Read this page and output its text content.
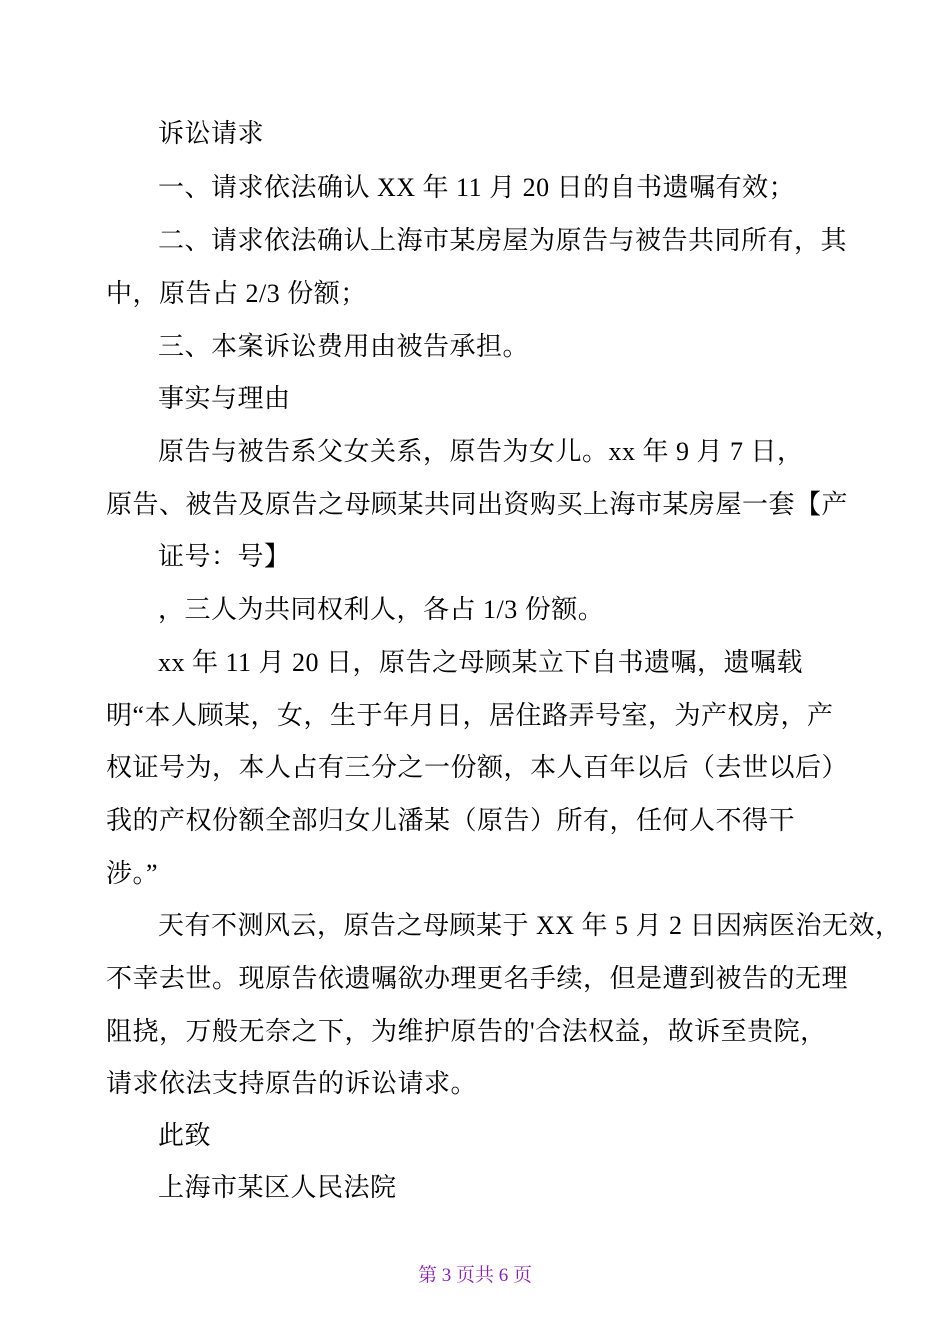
诉讼请求
一、请求依法确认 XX 年 11 月 20 日的自书遗嘱有效；
二、请求依法确认上海市某房屋为原告与被告共同所有，其
中，原告占 2/3 份额；
三、本案诉讼费用由被告承担。
事实与理由
原告与被告系父女关系，原告为女儿。xx 年 9 月 7 日，
原告、被告及原告之母顾某共同出资购买上海市某房屋一套【产
证号：号】
，三人为共同权利人，各占 1/3 份额。
xx 年 11 月 20 日，原告之母顾某立下自书遗嘱，遗嘱载
明“本人顾某，女，生于年月日，居住路弄号室，为产权房，产
权证号为，本人占有三分之一份额，本人百年以后（去世以后）
我的产权份额全部归女儿潘某（原告）所有，任何人不得干
涉。”
天有不测风云，原告之母顾某于 XX 年 5 月 2 日因病医治无效，
不幸去世。现原告依遗嘱欲办理更名手续，但是遭到被告的无理
阻挠，万般无奈之下，为维护原告的'合法权益，故诉至贵院，
请求依法支持原告的诉讼请求。
此致
上海市某区人民法院
第 3 页共 6 页
